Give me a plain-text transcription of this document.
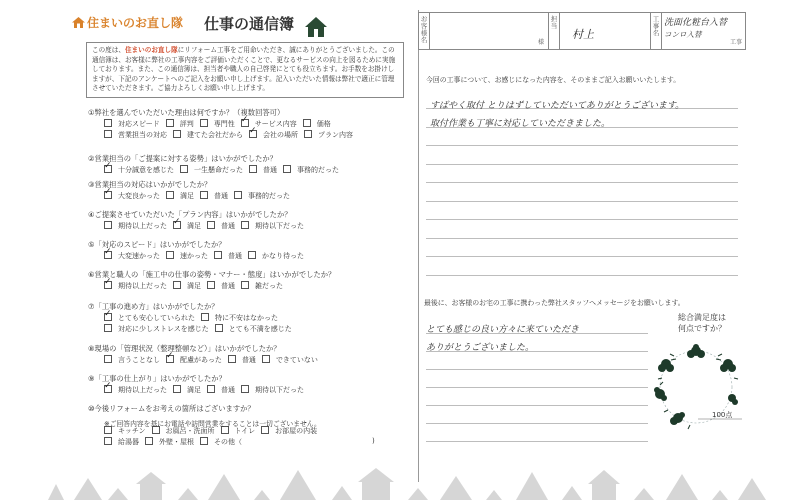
住まいのお直し隊 仕事の通信簿
この度は、住まいのお直し隊にリフォーム工事をご用命いただき、誠にありがとうございました。この通信簿は、お客様に弊社の工事内容をご評価いただくことで、更なるサービスの向上を図るために実施しております。また、この通信簿は、担当者や職人の自己啓発にとても役立ちます。お手数をお掛けしますが、下記のアンケートへのご記入をお願い申し上げます。記入いただいた情報は弊社で適正に管理させていただきます。ご協力よろしくお願い申し上げます。
①弊社を選んでいただいた理由は何ですか？（複数回答可）
対応スピード	評判	専門性 ✓	サービス内容	価格
営業担当の対応	建てた会社だから ✓	会社の場所	プラン内容
②営業担当の「ご提案に対する姿勢」はいかがでしたか？
✓十分誠意を感じた	一生懸命だった	普通	事務的だった
③営業担当の対応はいかがでしたか？
✓大変良かった	満足	普通	事務的だった
④ご提案させていただいた「プラン内容」はいかがでしたか？
期待以上だった ✓	満足	普通	期待以下だった
⑤「対応のスピード」はいかがでしたか？
✓大変速かった	速かった	普通	かなり待った
⑥営業と職人の「施工中の仕事の姿勢・マナー・態度」はいかがでしたか？
✓期待以上だった	満足	普通	雑だった
⑦「工事の進め方」はいかがでしたか？
✓とても安心していられた	特に不安はなかった
対応に少しストレスを感じた	とても不満を感じた
⑧現場の「管理状況（整理整頓など）」はいかがでしたか？
言うことなし ✓	配慮があった	普通	できていない
⑨「工事の仕上がり」はいかがでしたか？
✓期待以上だった	満足	普通	期待以下だった
⑩今後リフォームをお考えの箇所はございますか？
キッチン	お風呂・洗面所	トイレ	お部屋の内装
給湯器	外壁・屋根	その他（
※ご回答内容を基にお電話や訪問営業をすることは一切ございません。
)
お客様名	様
担当
村上
工事名
洗面化粧台入替
コンロ入替
工事
今回の工事について、お感じになった内容を、そのままご記入お願いいたします。
すばやく取付 とりはずしていただいてありがとうございます。
取付作業も丁寧に対応していただきました。
最後に、お客様のお宅の工事に携わった弊社スタッフへメッセージをお願いします。
とても感じの良い方々に来ていただき
ありがとうございました。
総合満足度は
何点ですか？
100点
